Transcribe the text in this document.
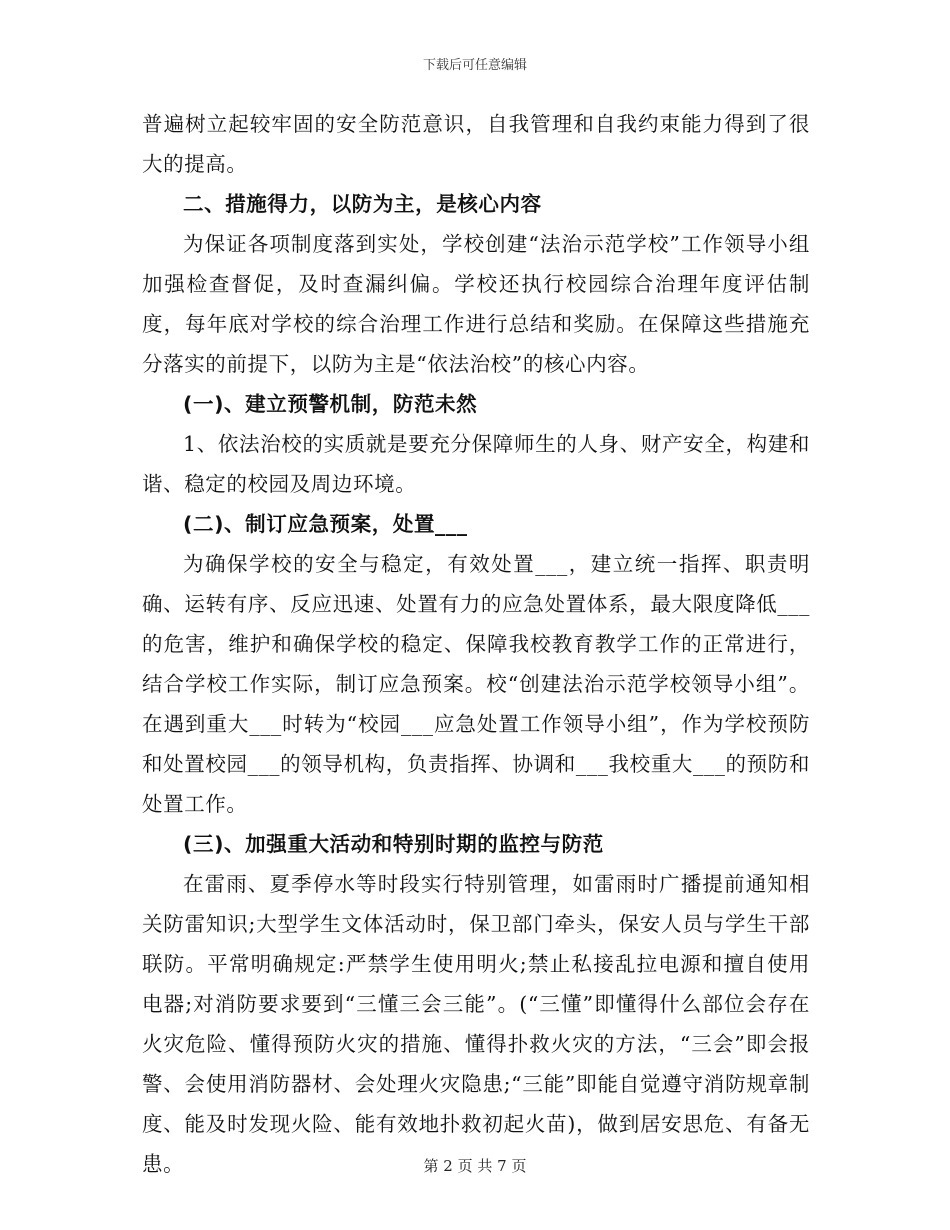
下载后可任意编辑

普遍树立起较牢固的安全防范意识，自我管理和自我约束能力得到了很大的提高。

二、措施得力，以防为主，是核心内容

为保证各项制度落到实处，学校创建“法治示范学校”工作领导小组加强检查督促，及时查漏纠偏。学校还执行校园综合治理年度评估制度，每年底对学校的综合治理工作进行总结和奖励。在保障这些措施充分落实的前提下，以防为主是“依法治校”的核心内容。

(一)、建立预警机制，防范未然

1、依法治校的实质就是要充分保障师生的人身、财产安全，构建和谐、稳定的校园及周边环境。

(二)、制订应急预案，处置___

为确保学校的安全与稳定，有效处置___，建立统一指挥、职责明确、运转有序、反应迅速、处置有力的应急处置体系，最大限度降低___的危害，维护和确保学校的稳定、保障我校教育教学工作的正常进行，结合学校工作实际，制订应急预案。校“创建法治示范学校领导小组”。在遇到重大___时转为“校园___应急处置工作领导小组”，作为学校预防和处置校园___的领导机构，负责指挥、协调和___我校重大___的预防和处置工作。

(三)、加强重大活动和特别时期的监控与防范

在雷雨、夏季停水等时段实行特别管理，如雷雨时广播提前通知相关防雷知识;大型学生文体活动时，保卫部门牵头，保安人员与学生干部联防。平常明确规定:严禁学生使用明火;禁止私接乱拉电源和擅自使用电器;对消防要求要到“三懂三会三能”。(“三懂”即懂得什么部位会存在火灾危险、懂得预防火灾的措施、懂得扑救火灾的方法，“三会”即会报警、会使用消防器材、会处理火灾隐患;“三能”即能自觉遵守消防规章制度、能及时发现火险、能有效地扑救初起火苗)，做到居安思危、有备无患。	第 2 页 共 7 页
